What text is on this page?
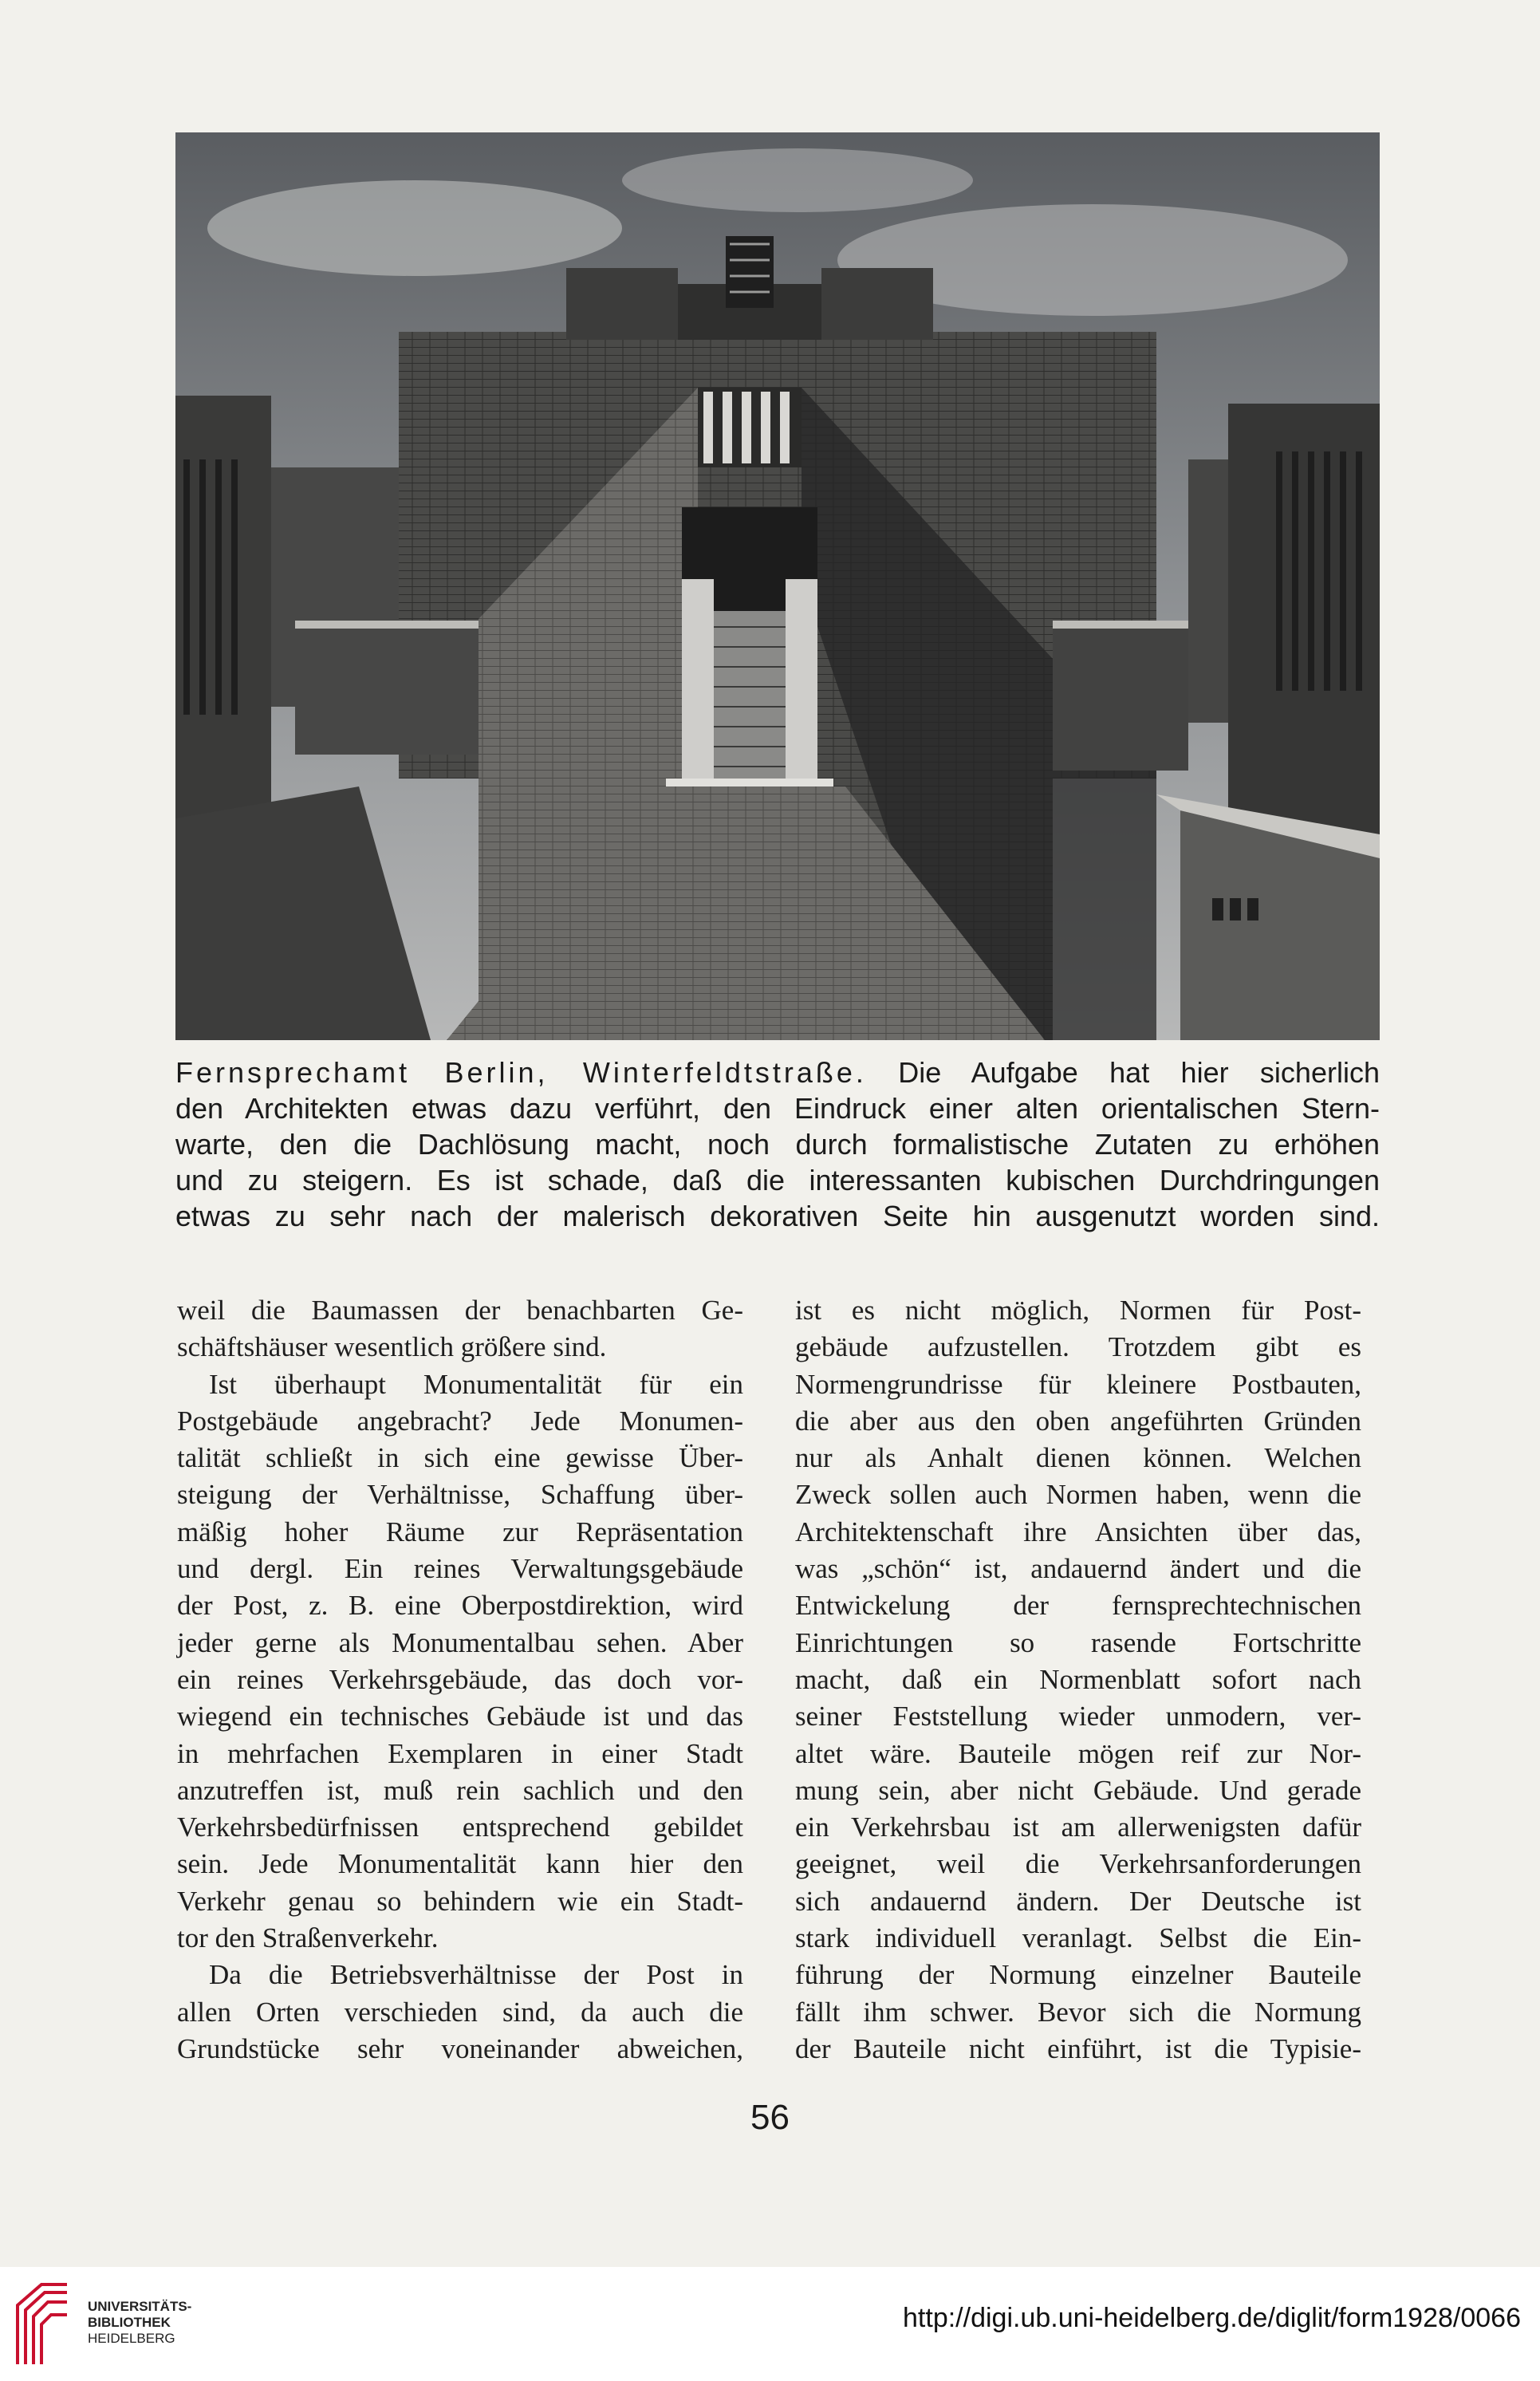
Fernsprechamt Berlin, Winterfeldtstraße. Die Aufgabe hat hier sicherlich
den Architekten etwas dazu verführt, den Eindruck einer alten orientalischen Stern-
warte, den die Dachlösung macht, noch durch formalistische Zutaten zu erhöhen
und zu steigern. Es ist schade, daß die interessanten kubischen Durchdringungen
etwas zu sehr nach der malerisch dekorativen Seite hin ausgenutzt worden sind.
weil die Baumassen der benachbarten Ge-
schäftshäuser wesentlich größere sind.
Ist überhaupt Monumentalität für ein
Postgebäude angebracht? Jede Monumen-
talität schließt in sich eine gewisse Über-
steigung der Verhältnisse, Schaffung über-
mäßig hoher Räume zur Repräsentation
und dergl. Ein reines Verwaltungsgebäude
der Post, z. B. eine Oberpostdirektion, wird
jeder gerne als Monumentalbau sehen. Aber
ein reines Verkehrsgebäude, das doch vor-
wiegend ein technisches Gebäude ist und das
in mehrfachen Exemplaren in einer Stadt
anzutreffen ist, muß rein sachlich und den
Verkehrsbedürfnissen entsprechend gebildet
sein. Jede Monumentalität kann hier den
Verkehr genau so behindern wie ein Stadt-
tor den Straßenverkehr.
Da die Betriebsverhältnisse der Post in
allen Orten verschieden sind, da auch die
Grundstücke sehr voneinander abweichen,
ist es nicht möglich, Normen für Post-
gebäude aufzustellen. Trotzdem gibt es
Normengrundrisse für kleinere Postbauten,
die aber aus den oben angeführten Gründen
nur als Anhalt dienen können. Welchen
Zweck sollen auch Normen haben, wenn die
Architektenschaft ihre Ansichten über das,
was „schön“ ist, andauernd ändert und die
Entwickelung der fernsprechtechnischen
Einrichtungen so rasende Fortschritte
macht, daß ein Normenblatt sofort nach
seiner Feststellung wieder unmodern, ver-
altet wäre. Bauteile mögen reif zur Nor-
mung sein, aber nicht Gebäude. Und gerade
ein Verkehrsbau ist am allerwenigsten dafür
geeignet, weil die Verkehrsanforderungen
sich andauernd ändern. Der Deutsche ist
stark individuell veranlagt. Selbst die Ein-
führung der Normung einzelner Bauteile
fällt ihm schwer. Bevor sich die Normung
der Bauteile nicht einführt, ist die Typisie-
56
UNIVERSITÄTS-
BIBLIOTHEK
HEIDELBERG
http://digi.ub.uni-heidelberg.de/diglit/form1928/0066
